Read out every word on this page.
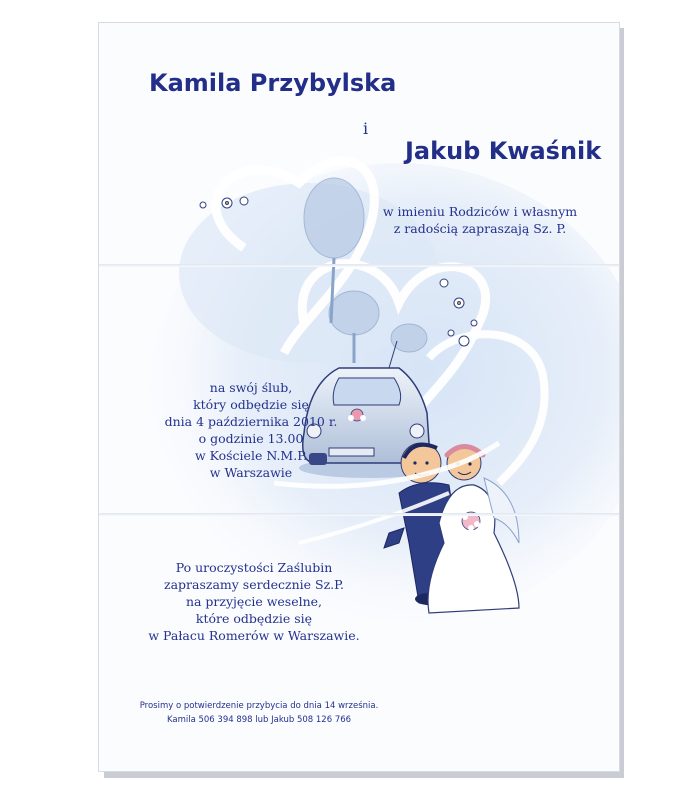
Kamila Przybylska
i
Jakub Kwaśnik
w imieniu Rodziców i własnym
z radością zapraszają Sz. P.
na swój ślub,
który odbędzie się
dnia 4 października 2010 r.
o godzinie 13.00
w Kościele N.M.P.
w Warszawie
Po uroczystości Zaślubin
zapraszamy serdecznie Sz.P.
na przyjęcie weselne,
które odbędzie się
w Pałacu Romerów w Warszawie.
Prosimy o potwierdzenie przybycia do dnia 14 września.
Kamila 506 394 898 lub Jakub 508 126 766
